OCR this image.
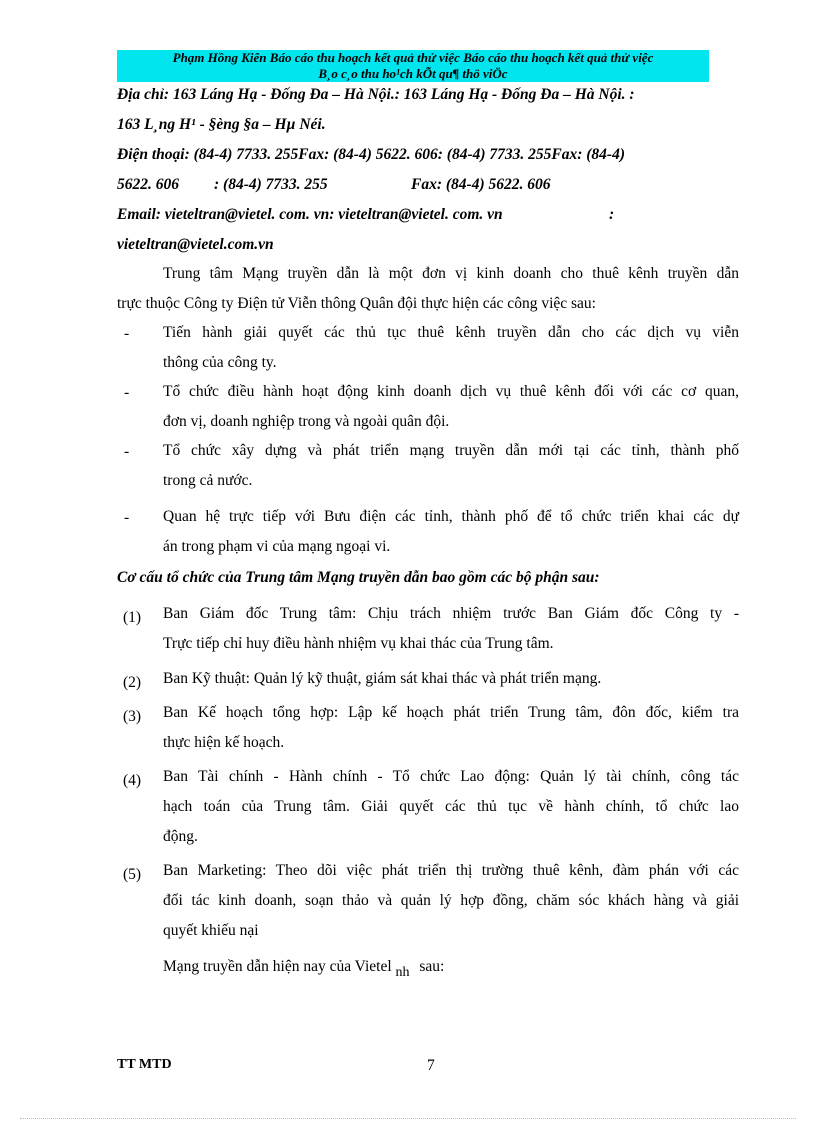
Phạm Hồng Kiên Báo cáo thu hoạch kết quả thử việc Báo cáo thu hoạch kết quả thử việc
B¸o c¸o thu ho¹ch kÕt qu¶ thö viÖc
Địa chỉ: 163 Láng Hạ - Đống Đa – Hà Nội.: 163 Láng Hạ - Đống Đa – Hà Nội. :
163 L¸ng H¹ - §èng §a – Hµ Néi.
Điện thoại: (84-4) 7733. 255Fax: (84-4) 5622. 606: (84-4) 7733. 255Fax: (84-4)
5622. 606 : (84-4) 7733. 255	Fax: (84-4) 5622. 606
Email: vieteltran@vietel. com. vn: vieteltran@vietel. com. vn	:
vieteltran@vietel.com.vn
Trung tâm Mạng truyền dẫn là một đơn vị kinh doanh cho thuê kênh truyền dẫn
trực thuộc Công ty Điện tử Viễn thông Quân đội thực hiện các công việc sau:
- Tiến hành giải quyết các thủ tục thuê kênh truyền dẫn cho các dịch vụ viễn
thông của công ty.
- Tổ chức điều hành hoạt động kinh doanh dịch vụ thuê kênh đối với các cơ quan,
đơn vị, doanh nghiệp trong và ngoài quân đội.
- Tổ chức xây dựng và phát triển mạng truyền dẫn mới tại các tỉnh, thành phố
trong cả nước.
- Quan hệ trực tiếp với Bưu điện các tỉnh, thành phố để tổ chức triển khai các dự
án trong phạm vi của mạng ngoại vi.
Cơ cấu tổ chức của Trung tâm Mạng truyền dẫn bao gồm các bộ phận sau:
(1) Ban Giám đốc Trung tâm: Chịu trách nhiệm trước Ban Giám đốc Công ty -
Trực tiếp chỉ huy điều hành nhiệm vụ khai thác của Trung tâm.
(2) Ban Kỹ thuật: Quản lý kỹ thuật, giám sát khai thác và phát triển mạng.
(3) Ban Kế hoạch tổng hợp: Lập kế hoạch phát triển Trung tâm, đôn đốc, kiểm tra
thực hiện kế hoạch.
(4) Ban Tài chính - Hành chính - Tổ chức Lao động: Quản lý tài chính, công tác
hạch toán của Trung tâm. Giải quyết các thủ tục về hành chính, tổ chức lao
động.
(5) Ban Marketing: Theo dõi việc phát triển thị trường thuê kênh, đàm phán với các
đối tác kinh doanh, soạn thảo và quản lý hợp đồng, chăm sóc khách hàng và giải
quyết khiếu nại
Mạng truyền dẫn hiện nay của Vietel nh sau:
TT MTD	7
